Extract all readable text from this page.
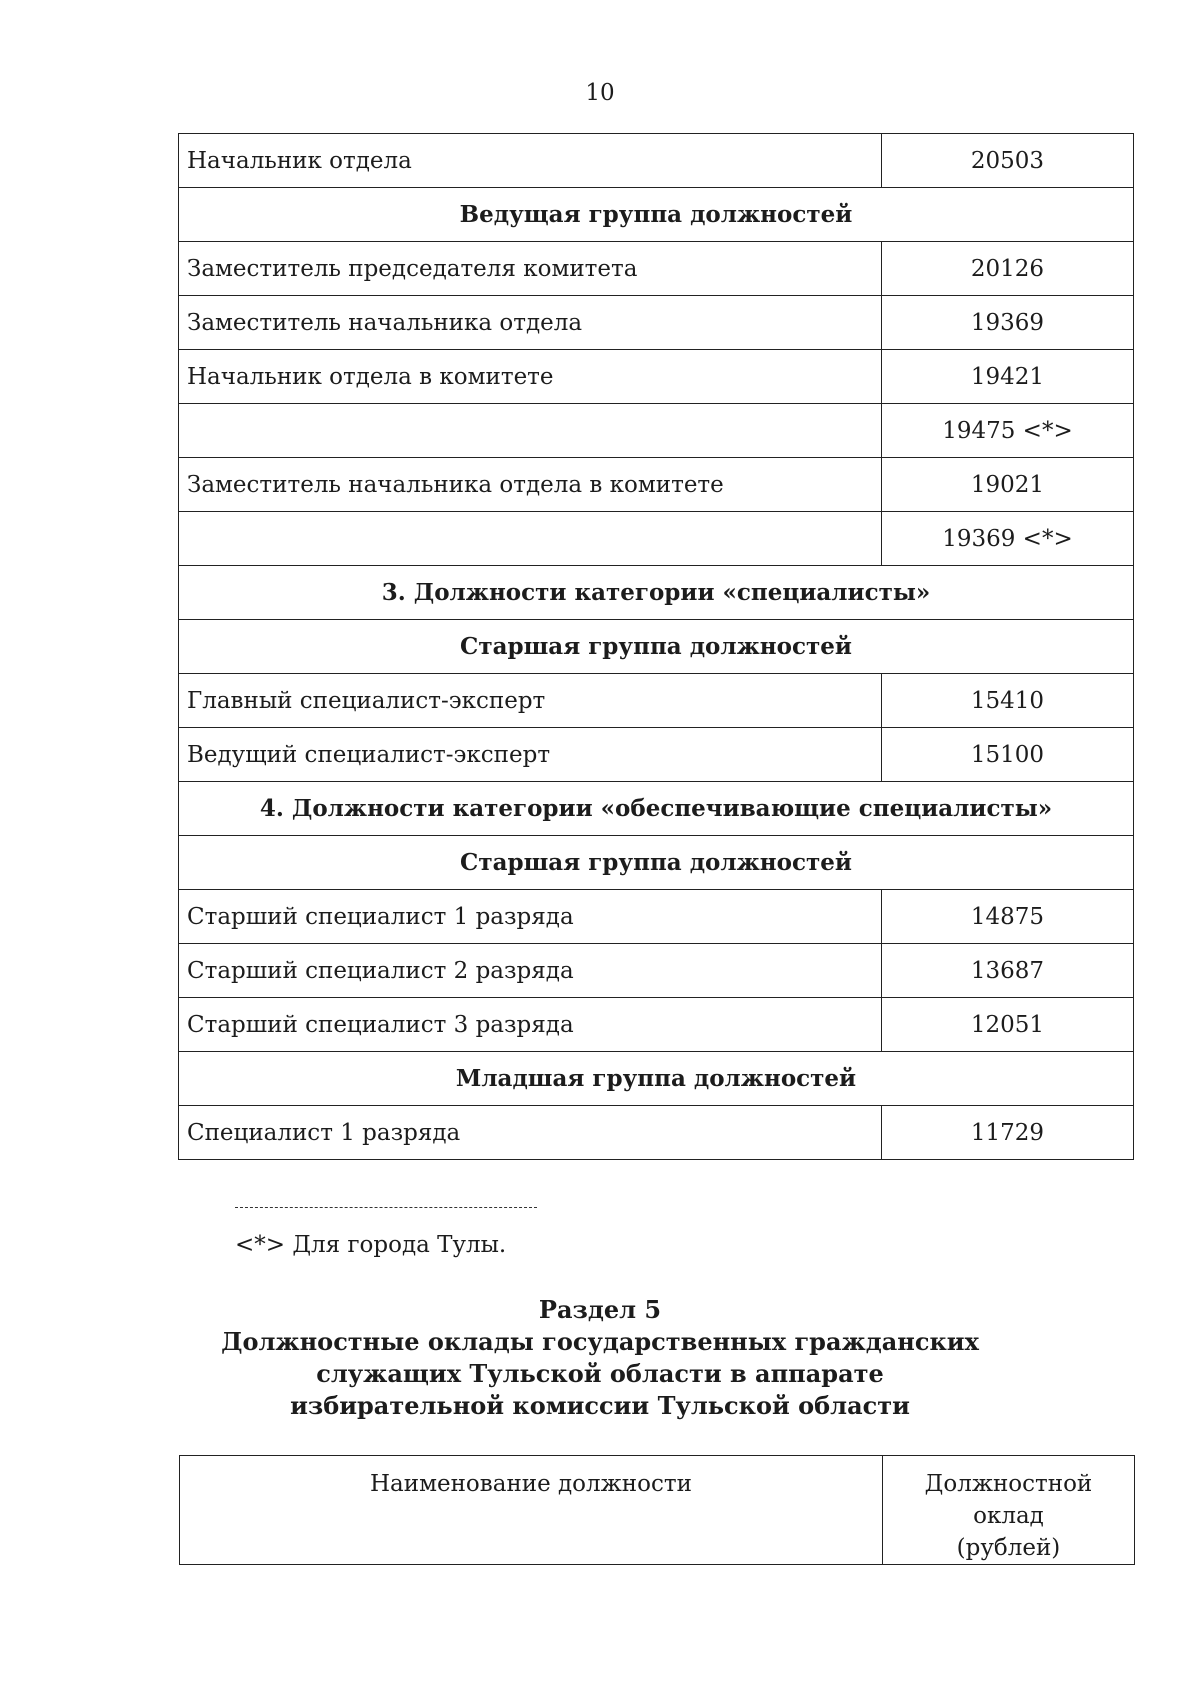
10
Начальник отдела	20503
Ведущая группа должностей	
Заместитель председателя комитета	20126
Заместитель начальника отдела	19369
Начальник отдела в комитете	19421
	19475 <*>
Заместитель начальника отдела в комитете	19021
	19369 <*>
3. Должности категории «специалисты»	
Старшая группа должностей	
Главный специалист-эксперт	15410
Ведущий специалист-эксперт	15100
4. Должности категории «обеспечивающие специалисты»	
Старшая группа должностей	
Старший специалист 1 разряда	14875
Старший специалист 2 разряда	13687
Старший специалист 3 разряда	12051
Младшая группа должностей	
Специалист 1 разряда	11729
<*> Для города Тулы.
Раздел 5
Должностные оклады государственных гражданских
служащих Тульской области в аппарате
избирательной комиссии Тульской области
Наименование должности	Должностной оклад
(рублей)
